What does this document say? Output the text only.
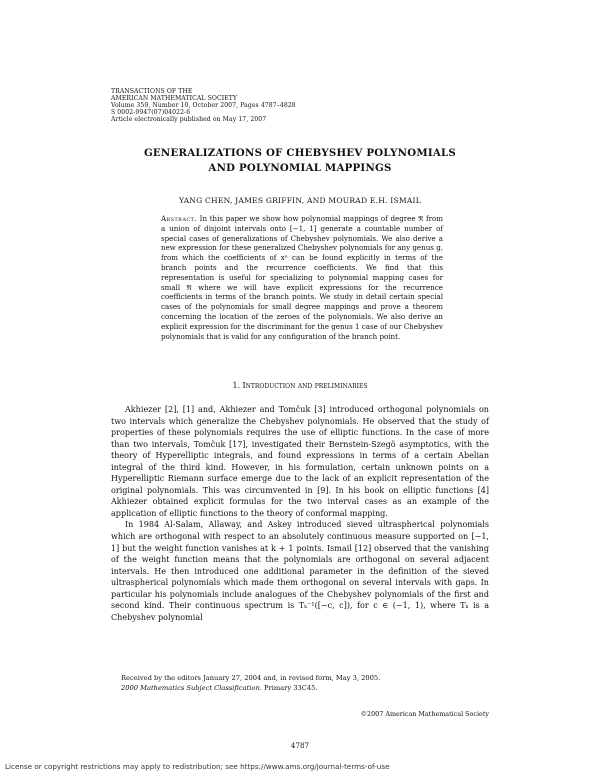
TRANSACTIONS OF THE
AMERICAN MATHEMATICAL SOCIETY
Volume 359, Number 10, October 2007, Pages 4787–4828
S 0002-9947(07)04022-6
Article electronically published on May 17, 2007
GENERALIZATIONS OF CHEBYSHEV POLYNOMIALS
AND POLYNOMIAL MAPPINGS
YANG CHEN, JAMES GRIFFIN, AND MOURAD E.H. ISMAIL
Abstract. In this paper we show how polynomial mappings of degree 𝔑 from a union of disjoint intervals onto [−1, 1] generate a countable number of special cases of generalizations of Chebyshev polynomials. We also derive a new expression for these generalized Chebyshev polynomials for any genus g, from which the coefficients of xⁿ can be found explicitly in terms of the branch points and the recurrence coefficients. We find that this representation is useful for specializing to polynomial mapping cases for small 𝔑 where we will have explicit expressions for the recurrence coefficients in terms of the branch points. We study in detail certain special cases of the polynomials for small degree mappings and prove a theorem concerning the location of the zeroes of the polynomials. We also derive an explicit expression for the discriminant for the genus 1 case of our Chebyshev polynomials that is valid for any configuration of the branch point.
1. Introduction and preliminaries

Akhiezer [2], [1] and, Akhiezer and Tomčuk [3] introduced orthogonal polynomials on two intervals which generalize the Chebyshev polynomials. He observed that the study of properties of these polynomials requires the use of elliptic functions. In the case of more than two intervals, Tomčuk [17], investigated their Bernstein-Szegö asymptotics, with the theory of Hyperelliptic integrals, and found expressions in terms of a certain Abelian integral of the third kind. However, in his formulation, certain unknown points on a Hyperelliptic Riemann surface emerge due to the lack of an explicit representation of the original polynomials. This was circumvented in [9]. In his book on elliptic functions [4] Akhiezer obtained explicit formulas for the two interval cases as an example of the application of elliptic functions to the theory of conformal mapping.

In 1984 Al-Salam, Allaway, and Askey introduced sieved ultraspherical polynomials which are orthogonal with respect to an absolutely continuous measure supported on [−1, 1] but the weight function vanishes at k + 1 points. Ismail [12] observed that the vanishing of the weight function means that the polynomials are orthogonal on several adjacent intervals. He then introduced one additional parameter in the definition of the sieved ultraspherical polynomials which made them orthogonal on several intervals with gaps. In particular his polynomials include analogues of the Chebyshev polynomials of the first and second kind. Their continuous spectrum is Tₖ⁻¹([−c, c]), for c ∈ (−1, 1), where Tₖ is a Chebyshev polynomial

Received by the editors January 27, 2004 and, in revised form, May 3, 2005.
2000 Mathematics Subject Classification. Primary 33C45.
©2007 American Mathematical Society
4787
License or copyright restrictions may apply to redistribution; see https://www.ams.org/journal-terms-of-use
